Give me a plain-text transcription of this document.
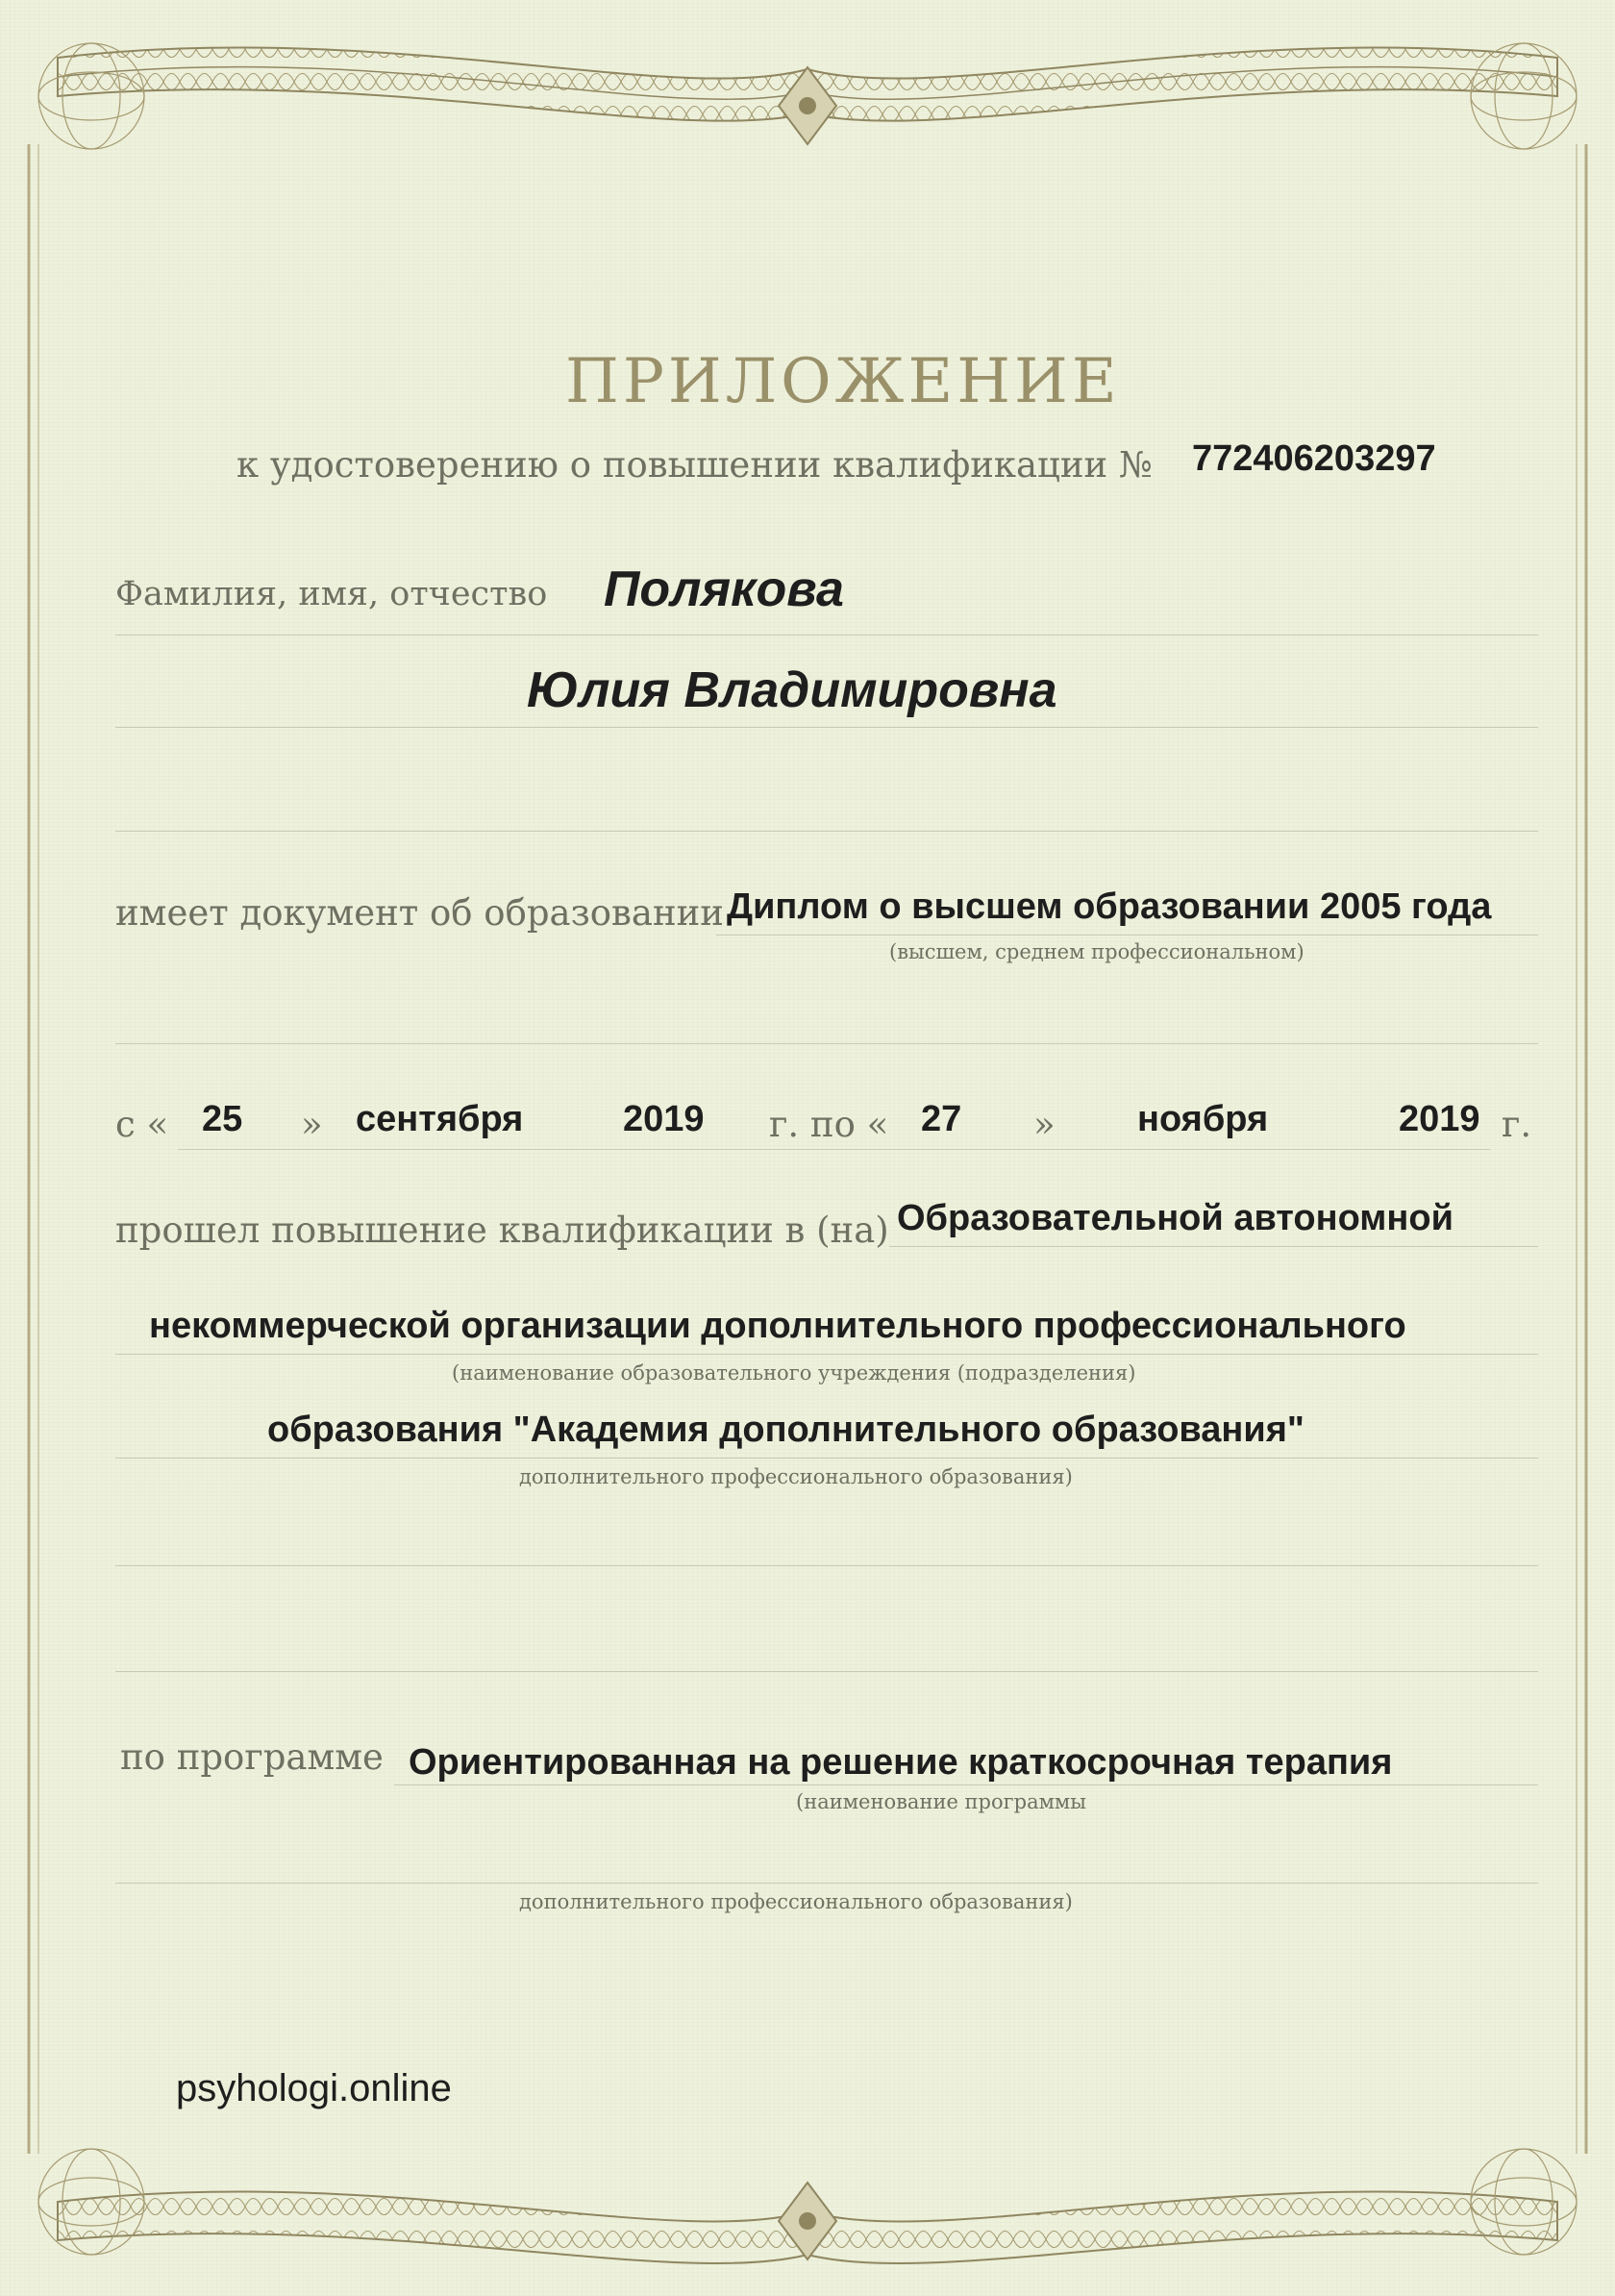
ПРИЛОЖЕНИЕ
к удостоверению о повышении квалификации № 772406203297
Фамилия, имя, отчество Полякова
Юлия Владимировна
имеет документ об образовании Диплом о высшем образовании 2005 года
(высшем, среднем профессиональном)
с « 25 » сентября	2019 г. по « 27 » ноября	2019 г.
прошел повышение квалификации в (на) Образовательной автономной
некоммерческой организации дополнительного профессионального
(наименование образовательного учреждения (подразделения)
образования "Академия дополнительного образования"
дополнительного профессионального образования)
по программе Ориентированная на решение краткосрочная терапия
(наименование программы
дополнительного профессионального образования)
psyhologi.online
